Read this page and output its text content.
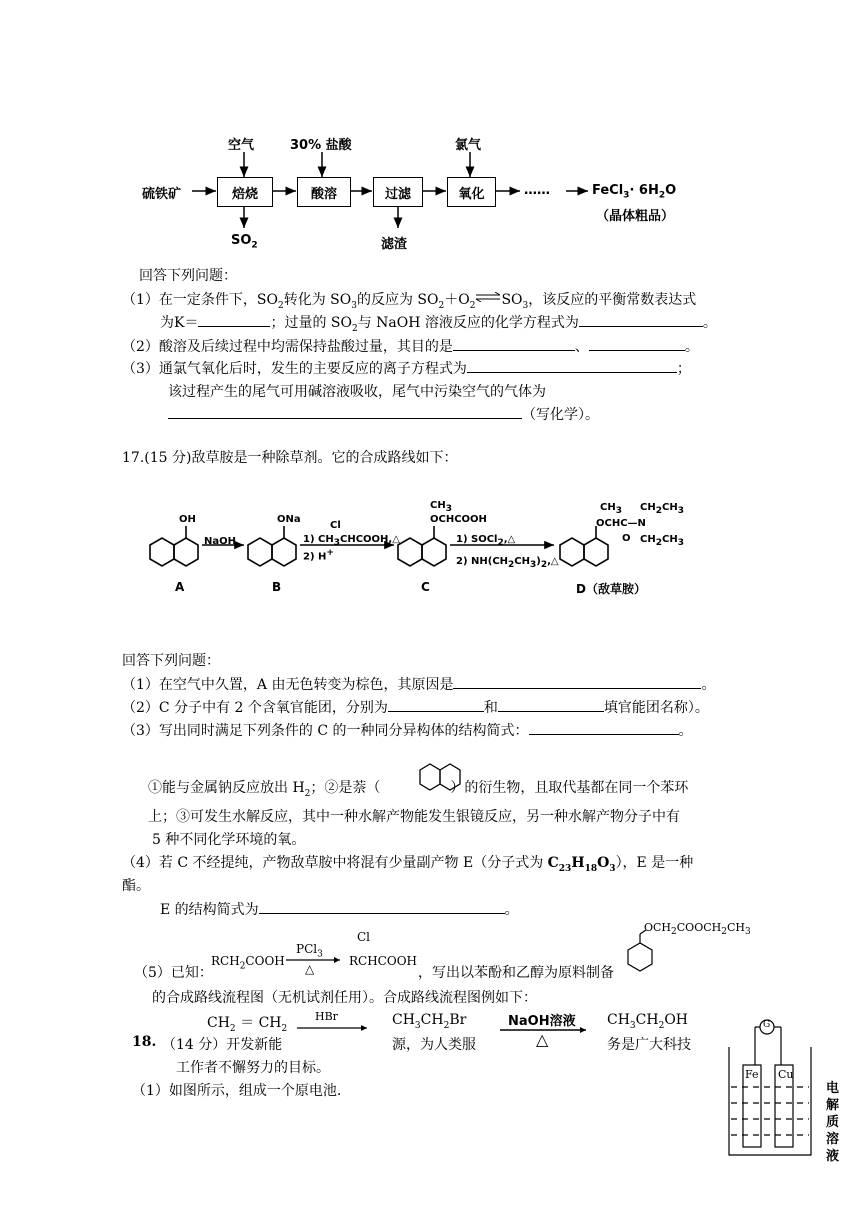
硫铁矿	焙烧	酸溶	过滤	氧化
空气	30% 盐酸	氯气
$SO_2$	滤渣
……	FeCl$_3$· $6H_2O$
（晶体粗品）
回答下列问题：
（1）在一定条件下，$SO_2$转化为 $SO_3$的反应为 $SO_2+O_2$ $SO_3$，该反应的平衡常数表达式
为K＝	；过量的 $SO_2$与 NaOH 溶液反应的化学方程式为	。
（2）酸溶及后续过程中均需保持盐酸过量，其目的是	、	。
（3）通氯气氧化后时，发生的主要反应的离子方程式为	；
该过程产生的尾气可用碱溶液吸收，尾气中污染空气的气体为
（写化学）。
17.(15 分)敌草胺是一种除草剂。它的合成路线如下：
OH
NaOH
ONa
Cl
1) $CH_3CHCOOH,\triangle$
2) H+
$CH_3$
OCHCOOH
1) SOCl$_2$,△
2) $NH(CH_2CH_3)_2,\triangle$
$CH_3$ $CH_2CH_3$
OCHC—N
$CH_2CH_3$
O
A	B	C	D（敌草胺）
回答下列问题：
（1）在空气中久置，A 由无色转变为棕色，其原因是	。
（2）C 分子中有 2 个含氧官能团，分别为	和	填官能团名称）。
（3）写出同时满足下列条件的 C 的一种同分异构体的结构简式：	。
①能与金属钠反应放出 $H_2$；②是萘（	）的衍生物，且取代基都在同一个苯环
上；③可发生水解反应，其中一种水解产物能发生银镜反应，另一种水解产物分子中有
5 种不同化学环境的氧。
（4）若 C 不经提纯，产物敌草胺中将混有少量副产物 E（分子式为 $C_{23}H_{18}O_3$），E 是一种
酯。
E 的结构简式为	。
（5）已知：
$RCH_2COOH$
PCl$_3$
△
Cl
RCHCOOH
，写出以苯酚和乙醇为原料制备
$OCH_2COOCH_2CH_3$
的合成路线流程图（无机试剂任用）。合成路线流程图例如下：
$CH_2 = CH_2$
HBr	$CH_3CH_2Br$	NaOH溶液
△
$CH_3CH_2OH$
18. （14 分）开发新能	源，为人类服	务是广大科技
工作者不懈努力的目标。
（1）如图所示，组成一个原电池.
G
Fe Cu
电
解
质
溶
液
